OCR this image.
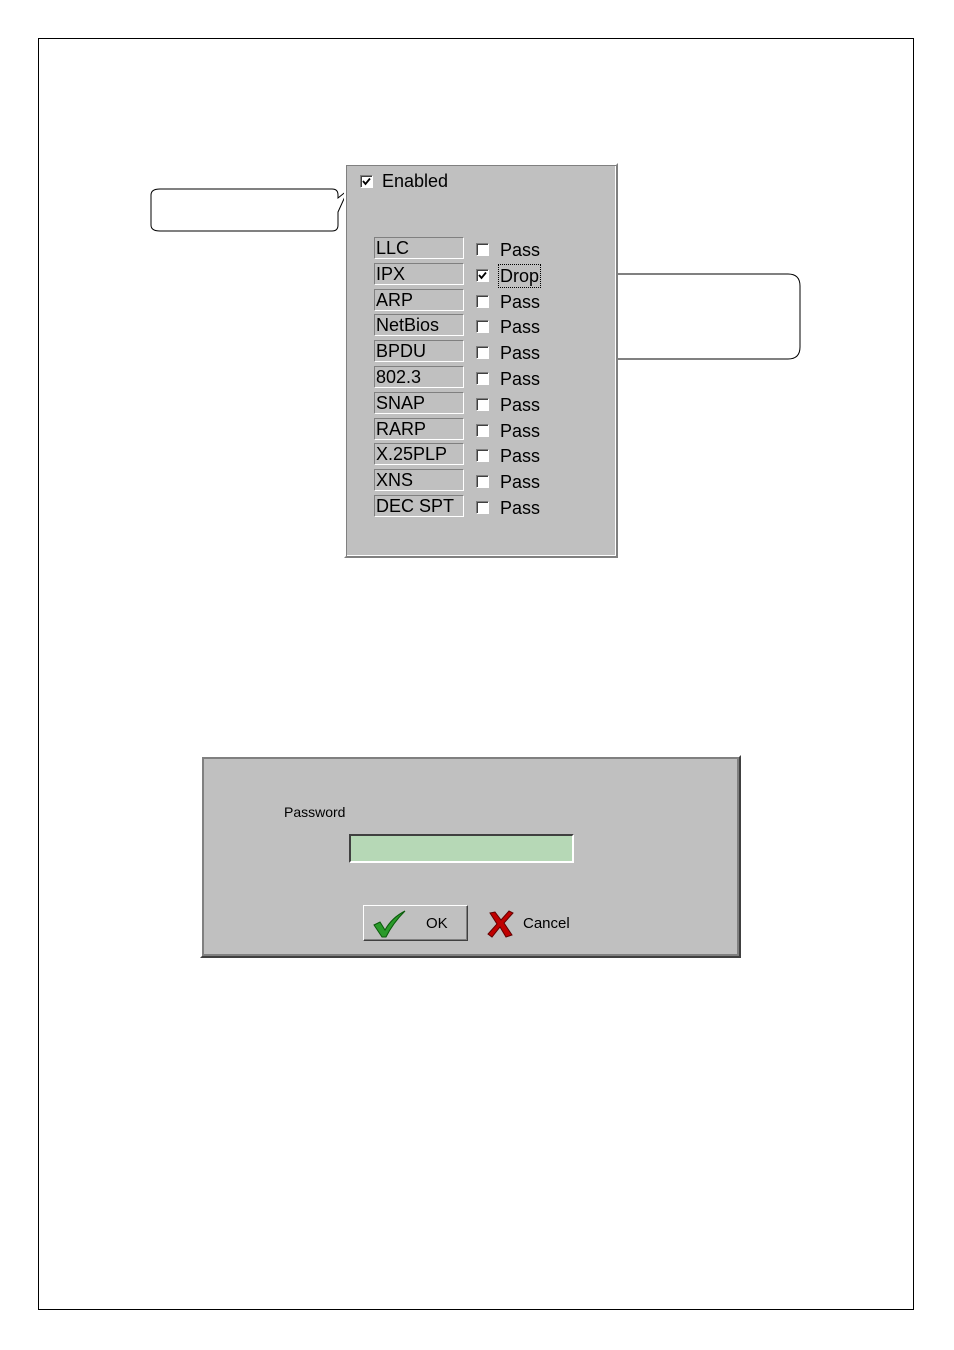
Enabled
LLC	Pass
IPX	Drop
ARP	Pass
NetBios	Pass
BPDU	Pass
802.3	Pass
SNAP	Pass
RARP	Pass
X.25PLP	Pass
XNS	Pass
DEC SPT	Pass
Password
OK	Cancel
